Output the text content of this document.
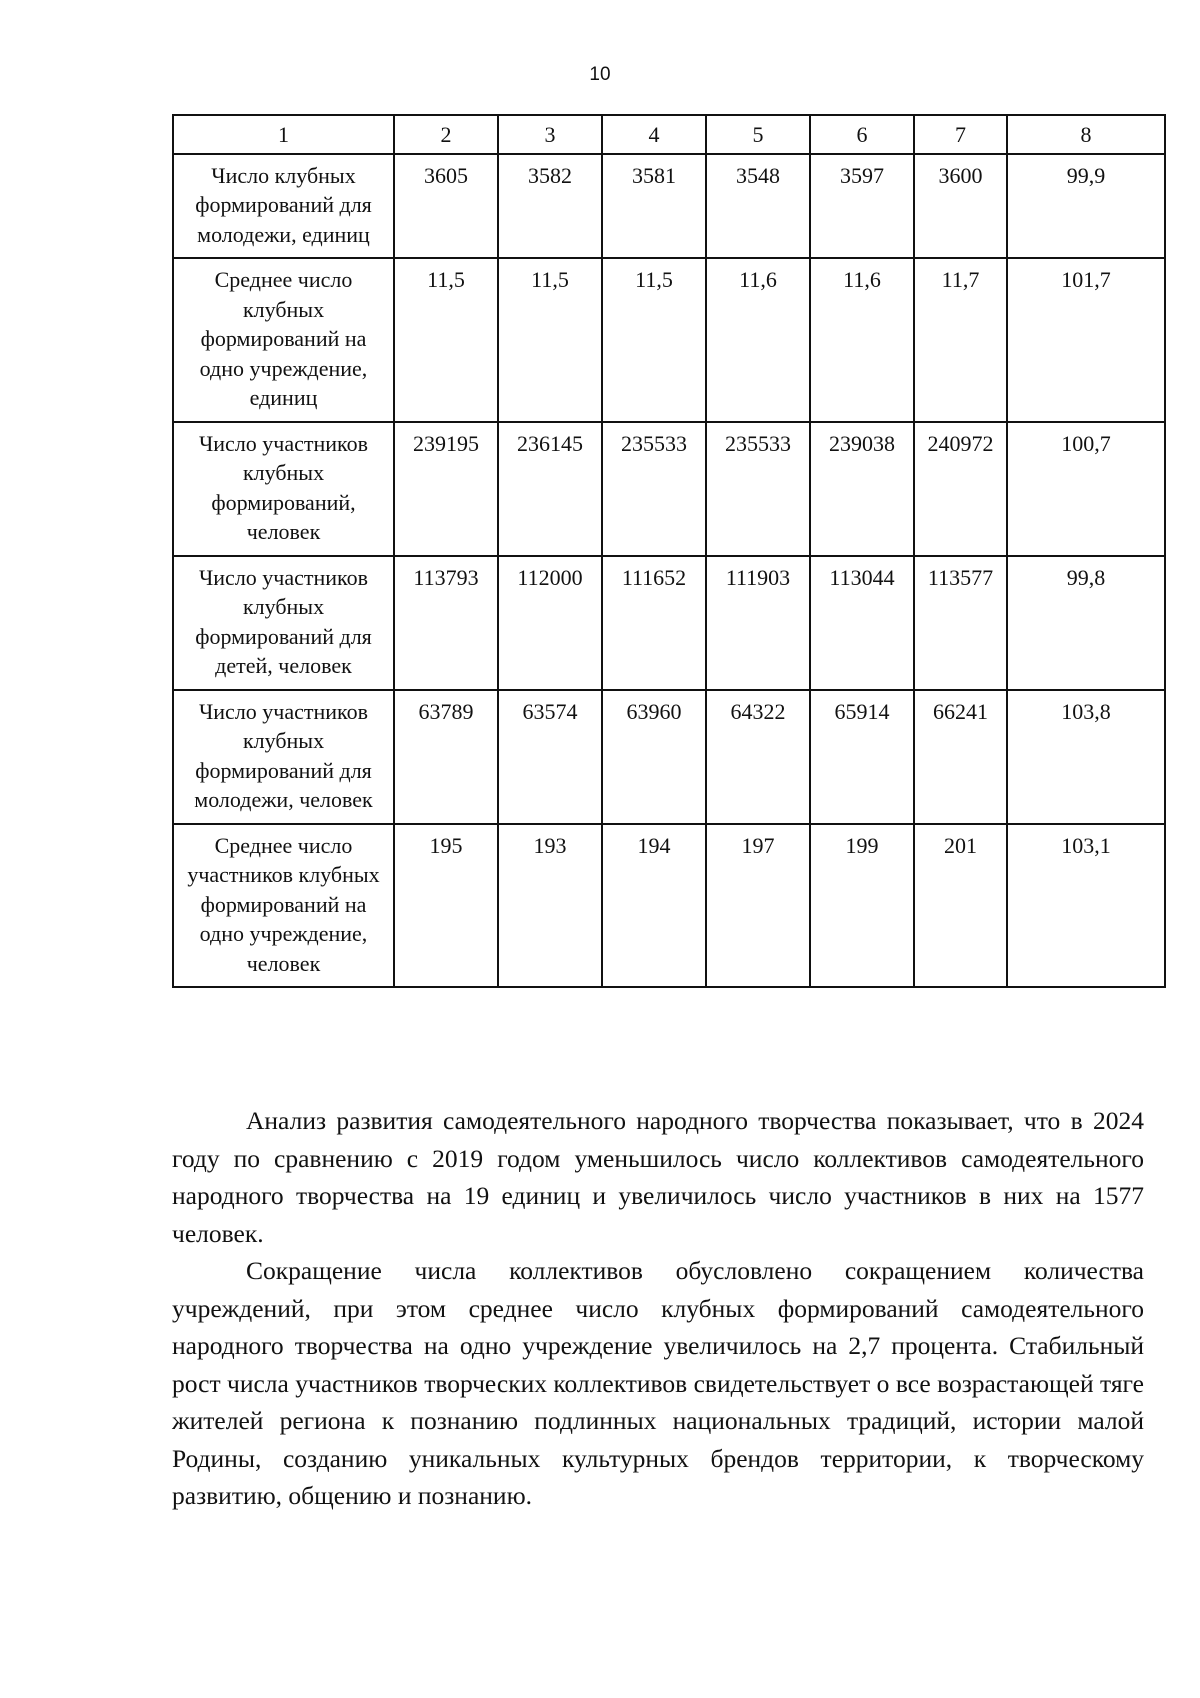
10
1	2	3	4	5	6	7	8
Число клубных формирований для молодежи, единиц	3605	3582	3581	3548	3597	3600	99,9
Среднее число клубных формирований на одно учреждение, единиц	11,5	11,5	11,5	11,6	11,6	11,7	101,7
Число участников клубных формирований, человек	239195	236145	235533	235533	239038	240972	100,7
Число участников клубных формирований для детей, человек	113793	112000	111652	111903	113044	113577	99,8
Число участников клубных формирований для молодежи, человек	63789	63574	63960	64322	65914	66241	103,8
Среднее число участников клубных формирований на одно учреждение, человек	195	193	194	197	199	201	103,1

Анализ развития самодеятельного народного творчества показывает, что в 2024 году по сравнению с 2019 годом уменьшилось число коллективов самодеятельного народного творчества на 19 единиц и увеличилось число участников в них на 1577 человек.

Сокращение числа коллективов обусловлено сокращением количества учреждений, при этом среднее число клубных формирований самодеятельного народного творчества на одно учреждение увеличилось на 2,7 процента. Стабильный рост числа участников творческих коллективов свидетельствует о все возрастающей тяге жителей региона к познанию подлинных национальных традиций, истории малой Родины, созданию уникальных культурных брендов территории, к творческому развитию, общению и познанию.
